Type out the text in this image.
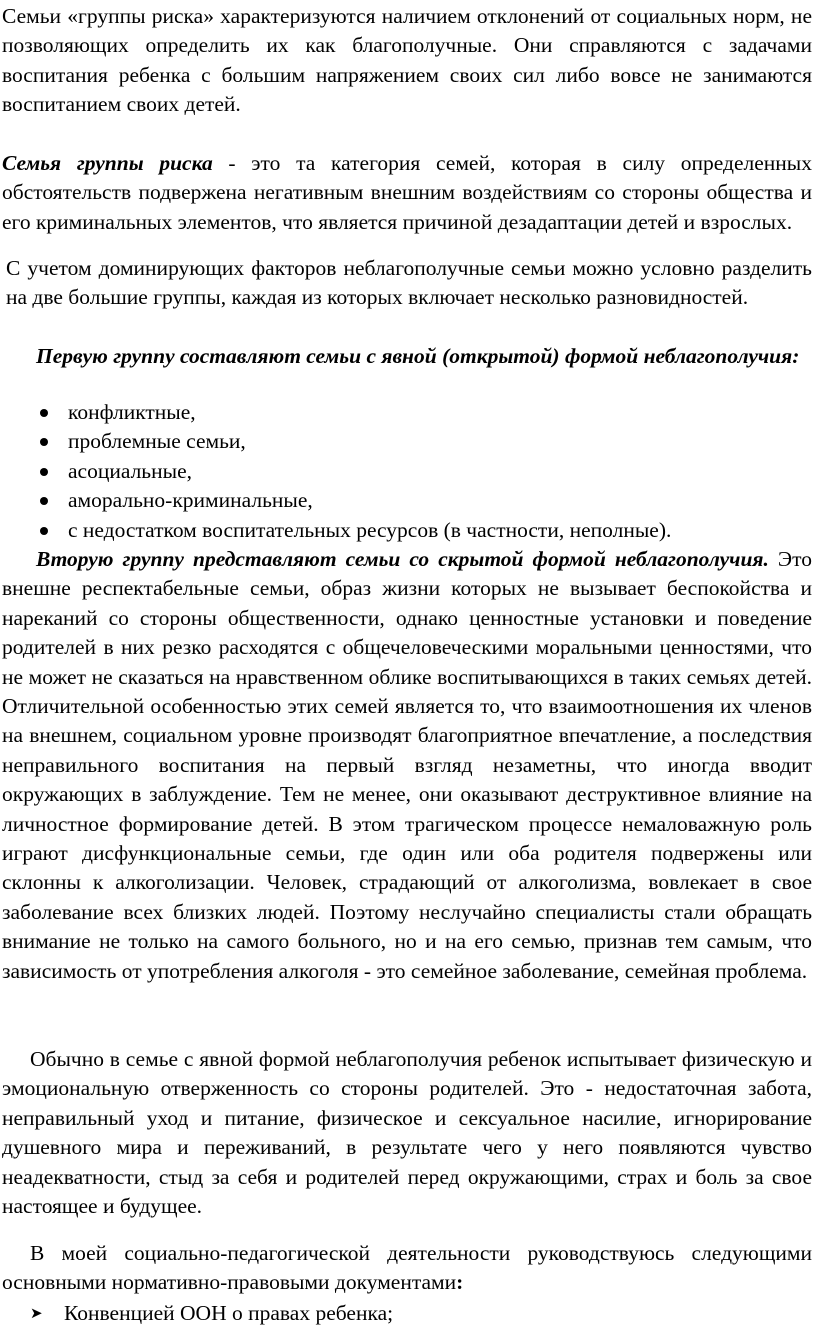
Семьи «группы риска» характеризуются наличием отклонений от социальных норм, не позволяющих определить их как благополучные. Они справляются с задачами воспитания ребенка с большим напряжением своих сил либо вовсе не занимаются воспитанием своих детей.

Семья группы риска - это та категория семей, которая в силу определенных обстоятельств подвержена негативным внешним воздействиям со стороны общества и его криминальных элементов, что является причиной дезадаптации детей и взрослых.

С учетом доминирующих факторов неблагополучные семьи можно условно разделить на две большие группы, каждая из которых включает несколько разновидностей.

Первую группу составляют семьи с явной (открытой) формой неблагополучия:

конфликтные,
проблемные семьи,
асоциальные,
аморально-криминальные,
с недостатком воспитательных ресурсов (в частности, неполные).

Вторую группу представляют семьи со скрытой формой неблагополучия. Это внешне респектабельные семьи, образ жизни которых не вызывает беспокойства и нареканий со стороны общественности, однако ценностные установки и поведение родителей в них резко расходятся с общечеловеческими моральными ценностями, что не может не сказаться на нравственном облике воспитывающихся в таких семьях детей. Отличительной особенностью этих семей является то, что взаимоотношения их членов на внешнем, социальном уровне производят благоприятное впечатление, а последствия неправильного воспитания на первый взгляд незаметны, что иногда вводит окружающих в заблуждение. Тем не менее, они оказывают деструктивное влияние на личностное формирование детей. В этом трагическом процессе немаловажную роль играют дисфункциональные семьи, где один или оба родителя подвержены или склонны к алкоголизации. Человек, страдающий от алкоголизма, вовлекает в свое заболевание всех близких людей. Поэтому неслучайно специалисты стали обращать внимание не только на самого больного, но и на его семью, признав тем самым, что зависимость от употребления алкоголя - это семейное заболевание, семейная проблема.

Обычно в семье с явной формой неблагополучия ребенок испытывает физическую и эмоциональную отверженность со стороны родителей. Это - недостаточная забота, неправильный уход и питание, физическое и сексуальное насилие, игнорирование душевного мира и переживаний, в результате чего у него появляются чувство неадекватности, стыд за себя и родителей перед окружающими, страх и боль за свое настоящее и будущее.

В моей социально-педагогической деятельности руководствуюсь следующими основными нормативно-правовыми документами:

➤ Конвенцией ООН о правах ребенка;
